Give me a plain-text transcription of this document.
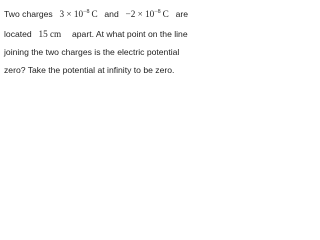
Two charges $3 \times 10^{-8}$ C and $-2 \times 10^{-8}$ C are
located 15 cm apart. At what point on the line
joining the two charges is the electric potential
zero? Take the potential at infinity to be zero.
